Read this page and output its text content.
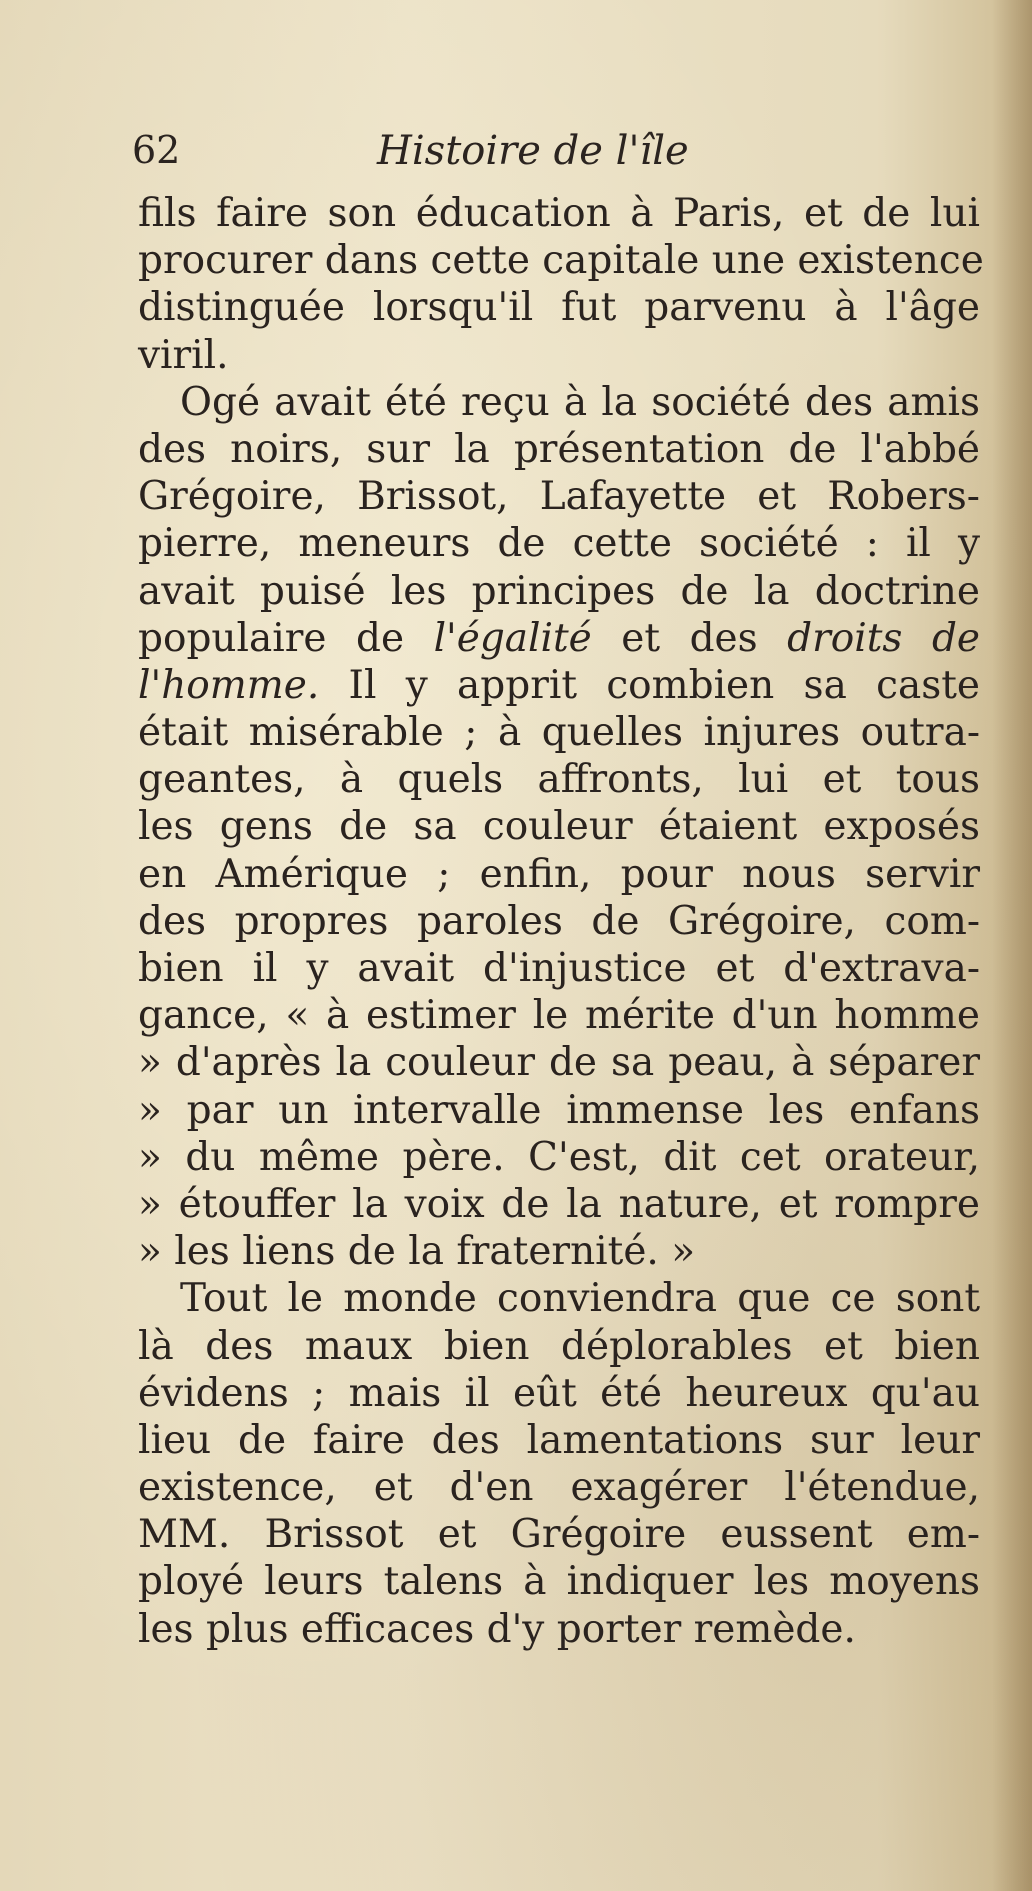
62	Histoire de l'île
fils faire son éducation à Paris, et de lui
procurer dans cette capitale une existence
distinguée lorsqu'il fut parvenu à l'âge
viril.
Ogé avait été reçu à la société des amis
des noirs, sur la présentation de l'abbé
Grégoire, Brissot, Lafayette et Robers-
pierre, meneurs de cette société : il y
avait puisé les principes de la doctrine
populaire de l'égalité et des droits de
l'homme. Il y apprit combien sa caste
était misérable ; à quelles injures outra-
geantes, à quels affronts, lui et tous
les gens de sa couleur étaient exposés
en Amérique ; enfin, pour nous servir
des propres paroles de Grégoire, com-
bien il y avait d'injustice et d'extrava-
gance, « à estimer le mérite d'un homme
» d'après la couleur de sa peau, à séparer
» par un intervalle immense les enfans
» du même père. C'est, dit cet orateur,
» étouffer la voix de la nature, et rompre
» les liens de la fraternité. »
Tout le monde conviendra que ce sont
là des maux bien déplorables et bien
évidens ; mais il eût été heureux qu'au
lieu de faire des lamentations sur leur
existence, et d'en exagérer l'étendue,
MM. Brissot et Grégoire eussent em-
ployé leurs talens à indiquer les moyens
les plus efficaces d'y porter remède.
